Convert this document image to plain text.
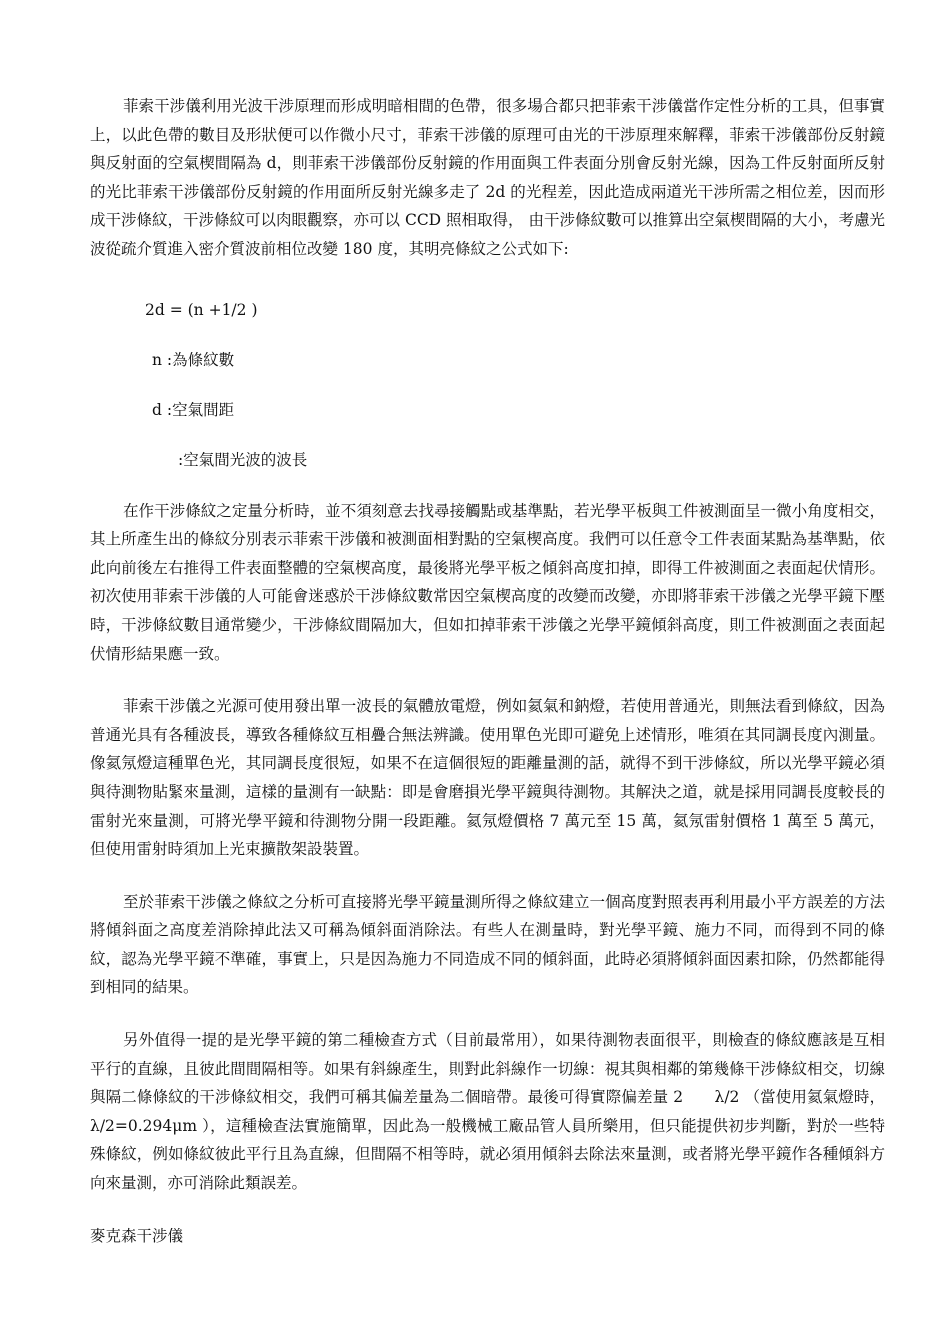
菲索干涉儀利用光波干涉原理而形成明暗相間的色帶，很多場合都只把菲索干涉儀當作定性分析的工具，但事實上，以此色帶的數目及形狀便可以作微小尺寸，菲索干涉儀的原理可由光的干涉原理來解釋，菲索干涉儀部份反射鏡與反射面的空氣楔間隔為 d，則菲索干涉儀部份反射鏡的作用面與工件表面分別會反射光線，因為工件反射面所反射的光比菲索干涉儀部份反射鏡的作用面所反射光線多走了 2d 的光程差，因此造成兩道光干涉所需之相位差，因而形成干涉條紋，干涉條紋可以肉眼觀察，亦可以 CCD 照相取得， 由干涉條紋數可以推算出空氣楔間隔的大小，考慮光波從疏介質進入密介質波前相位改變 180 度，其明亮條紋之公式如下:

2d = (n +1/2 )

n :為條紋數

d :空氣間距

:空氣間光波的波長

在作干涉條紋之定量分析時，並不須刻意去找尋接觸點或基準點，若光學平板與工件被測面呈一微小角度相交，其上所產生出的條紋分別表示菲索干涉儀和被測面相對點的空氣楔高度。我們可以任意令工件表面某點為基準點，依此向前後左右推得工件表面整體的空氣楔高度，最後將光學平板之傾斜高度扣掉，即得工件被測面之表面起伏情形。初次使用菲索干涉儀的人可能會迷惑於干涉條紋數常因空氣楔高度的改變而改變，亦即將菲索干涉儀之光學平鏡下壓時，干涉條紋數目通常變少，干涉條紋間隔加大，但如扣掉菲索干涉儀之光學平鏡傾斜高度，則工件被測面之表面起伏情形結果應一致。

菲索干涉儀之光源可使用發出單一波長的氣體放電燈，例如氦氣和鈉燈，若使用普通光，則無法看到條紋，因為普通光具有各種波長，導致各種條紋互相疊合無法辨識。使用單色光即可避免上述情形，唯須在其同調長度內測量。像氦氖燈這種單色光，其同調長度很短，如果不在這個很短的距離量測的話，就得不到干涉條紋，所以光學平鏡必須與待測物貼緊來量測，這樣的量測有一缺點：即是會磨損光學平鏡與待測物。其解決之道，就是採用同調長度較長的雷射光來量測，可將光學平鏡和待測物分開一段距離。氦氖燈價格 7 萬元至 15 萬，氦氖雷射價格 1 萬至 5 萬元，但使用雷射時須加上光束擴散架設裝置。

至於菲索干涉儀之條紋之分析可直接將光學平鏡量測所得之條紋建立一個高度對照表再利用最小平方誤差的方法將傾斜面之高度差消除掉此法又可稱為傾斜面消除法。有些人在測量時，對光學平鏡、施力不同，而得到不同的條紋，認為光學平鏡不準確，事實上，只是因為施力不同造成不同的傾斜面，此時必須將傾斜面因素扣除，仍然都能得到相同的結果。

另外值得一提的是光學平鏡的第二種檢查方式（目前最常用），如果待測物表面很平，則檢查的條紋應該是互相平行的直線，且彼此間間隔相等。如果有斜線產生，則對此斜線作一切線：視其與相鄰的第幾條干涉條紋相交，切線與隔二條條紋的干涉條紋相交，我們可稱其偏差量為二個暗帶。最後可得實際偏差量 2　　λ/2 （當使用氦氣燈時， λ/2=0.294μm ），這種檢查法實施簡單，因此為一般機械工廠品管人員所樂用，但只能提供初步判斷，對於一些特殊條紋，例如條紋彼此平行且為直線，但間隔不相等時，就必須用傾斜去除法來量測，或者將光學平鏡作各種傾斜方向來量測，亦可消除此類誤差。

麥克森干涉儀
